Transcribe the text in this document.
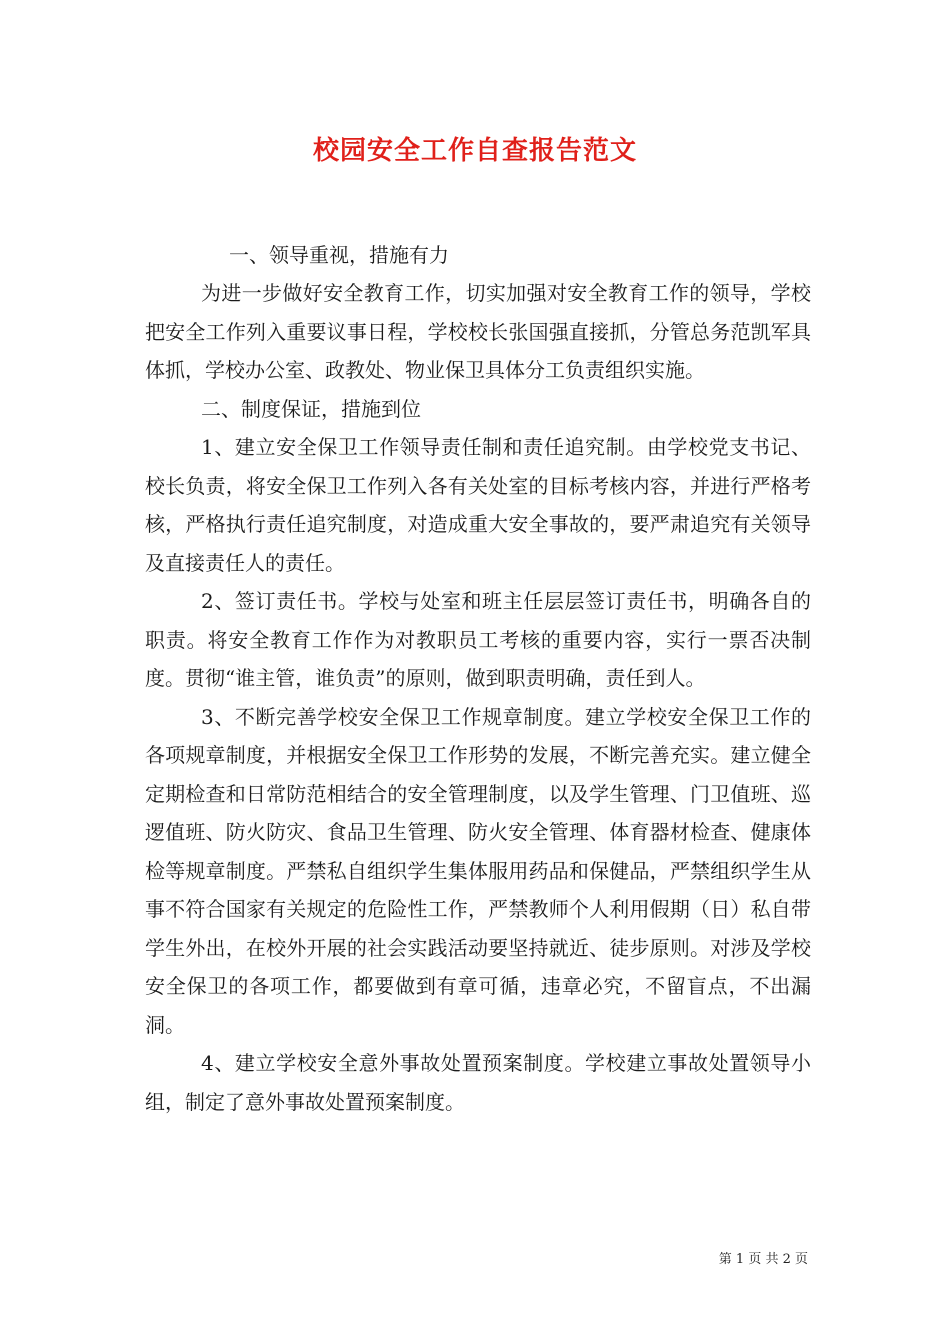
校园安全工作自查报告范文

一、领导重视，措施有力

为进一步做好安全教育工作，切实加强对安全教育工作的领导，学校把安全工作列入重要议事日程，学校校长张国强直接抓，分管总务范凯军具体抓，学校办公室、政教处、物业保卫具体分工负责组织实施。

二、制度保证，措施到位

1、建立安全保卫工作领导责任制和责任追究制。由学校党支书记、校长负责，将安全保卫工作列入各有关处室的目标考核内容，并进行严格考核，严格执行责任追究制度，对造成重大安全事故的，要严肃追究有关领导及直接责任人的责任。

2、签订责任书。学校与处室和班主任层层签订责任书，明确各自的职责。将安全教育工作作为对教职员工考核的重要内容，实行一票否决制度。贯彻“谁主管，谁负责”的原则，做到职责明确，责任到人。

3、不断完善学校安全保卫工作规章制度。建立学校安全保卫工作的各项规章制度，并根据安全保卫工作形势的发展，不断完善充实。建立健全定期检查和日常防范相结合的安全管理制度，以及学生管理、门卫值班、巡逻值班、防火防灾、食品卫生管理、防火安全管理、体育器材检查、健康体检等规章制度。严禁私自组织学生集体服用药品和保健品，严禁组织学生从事不符合国家有关规定的危险性工作，严禁教师个人利用假期（日）私自带学生外出，在校外开展的社会实践活动要坚持就近、徒步原则。对涉及学校安全保卫的各项工作，都要做到有章可循，违章必究，不留盲点，不出漏洞。

4、建立学校安全意外事故处置预案制度。学校建立事故处置领导小组，制定了意外事故处置预案制度。

第 1 页 共 2 页
